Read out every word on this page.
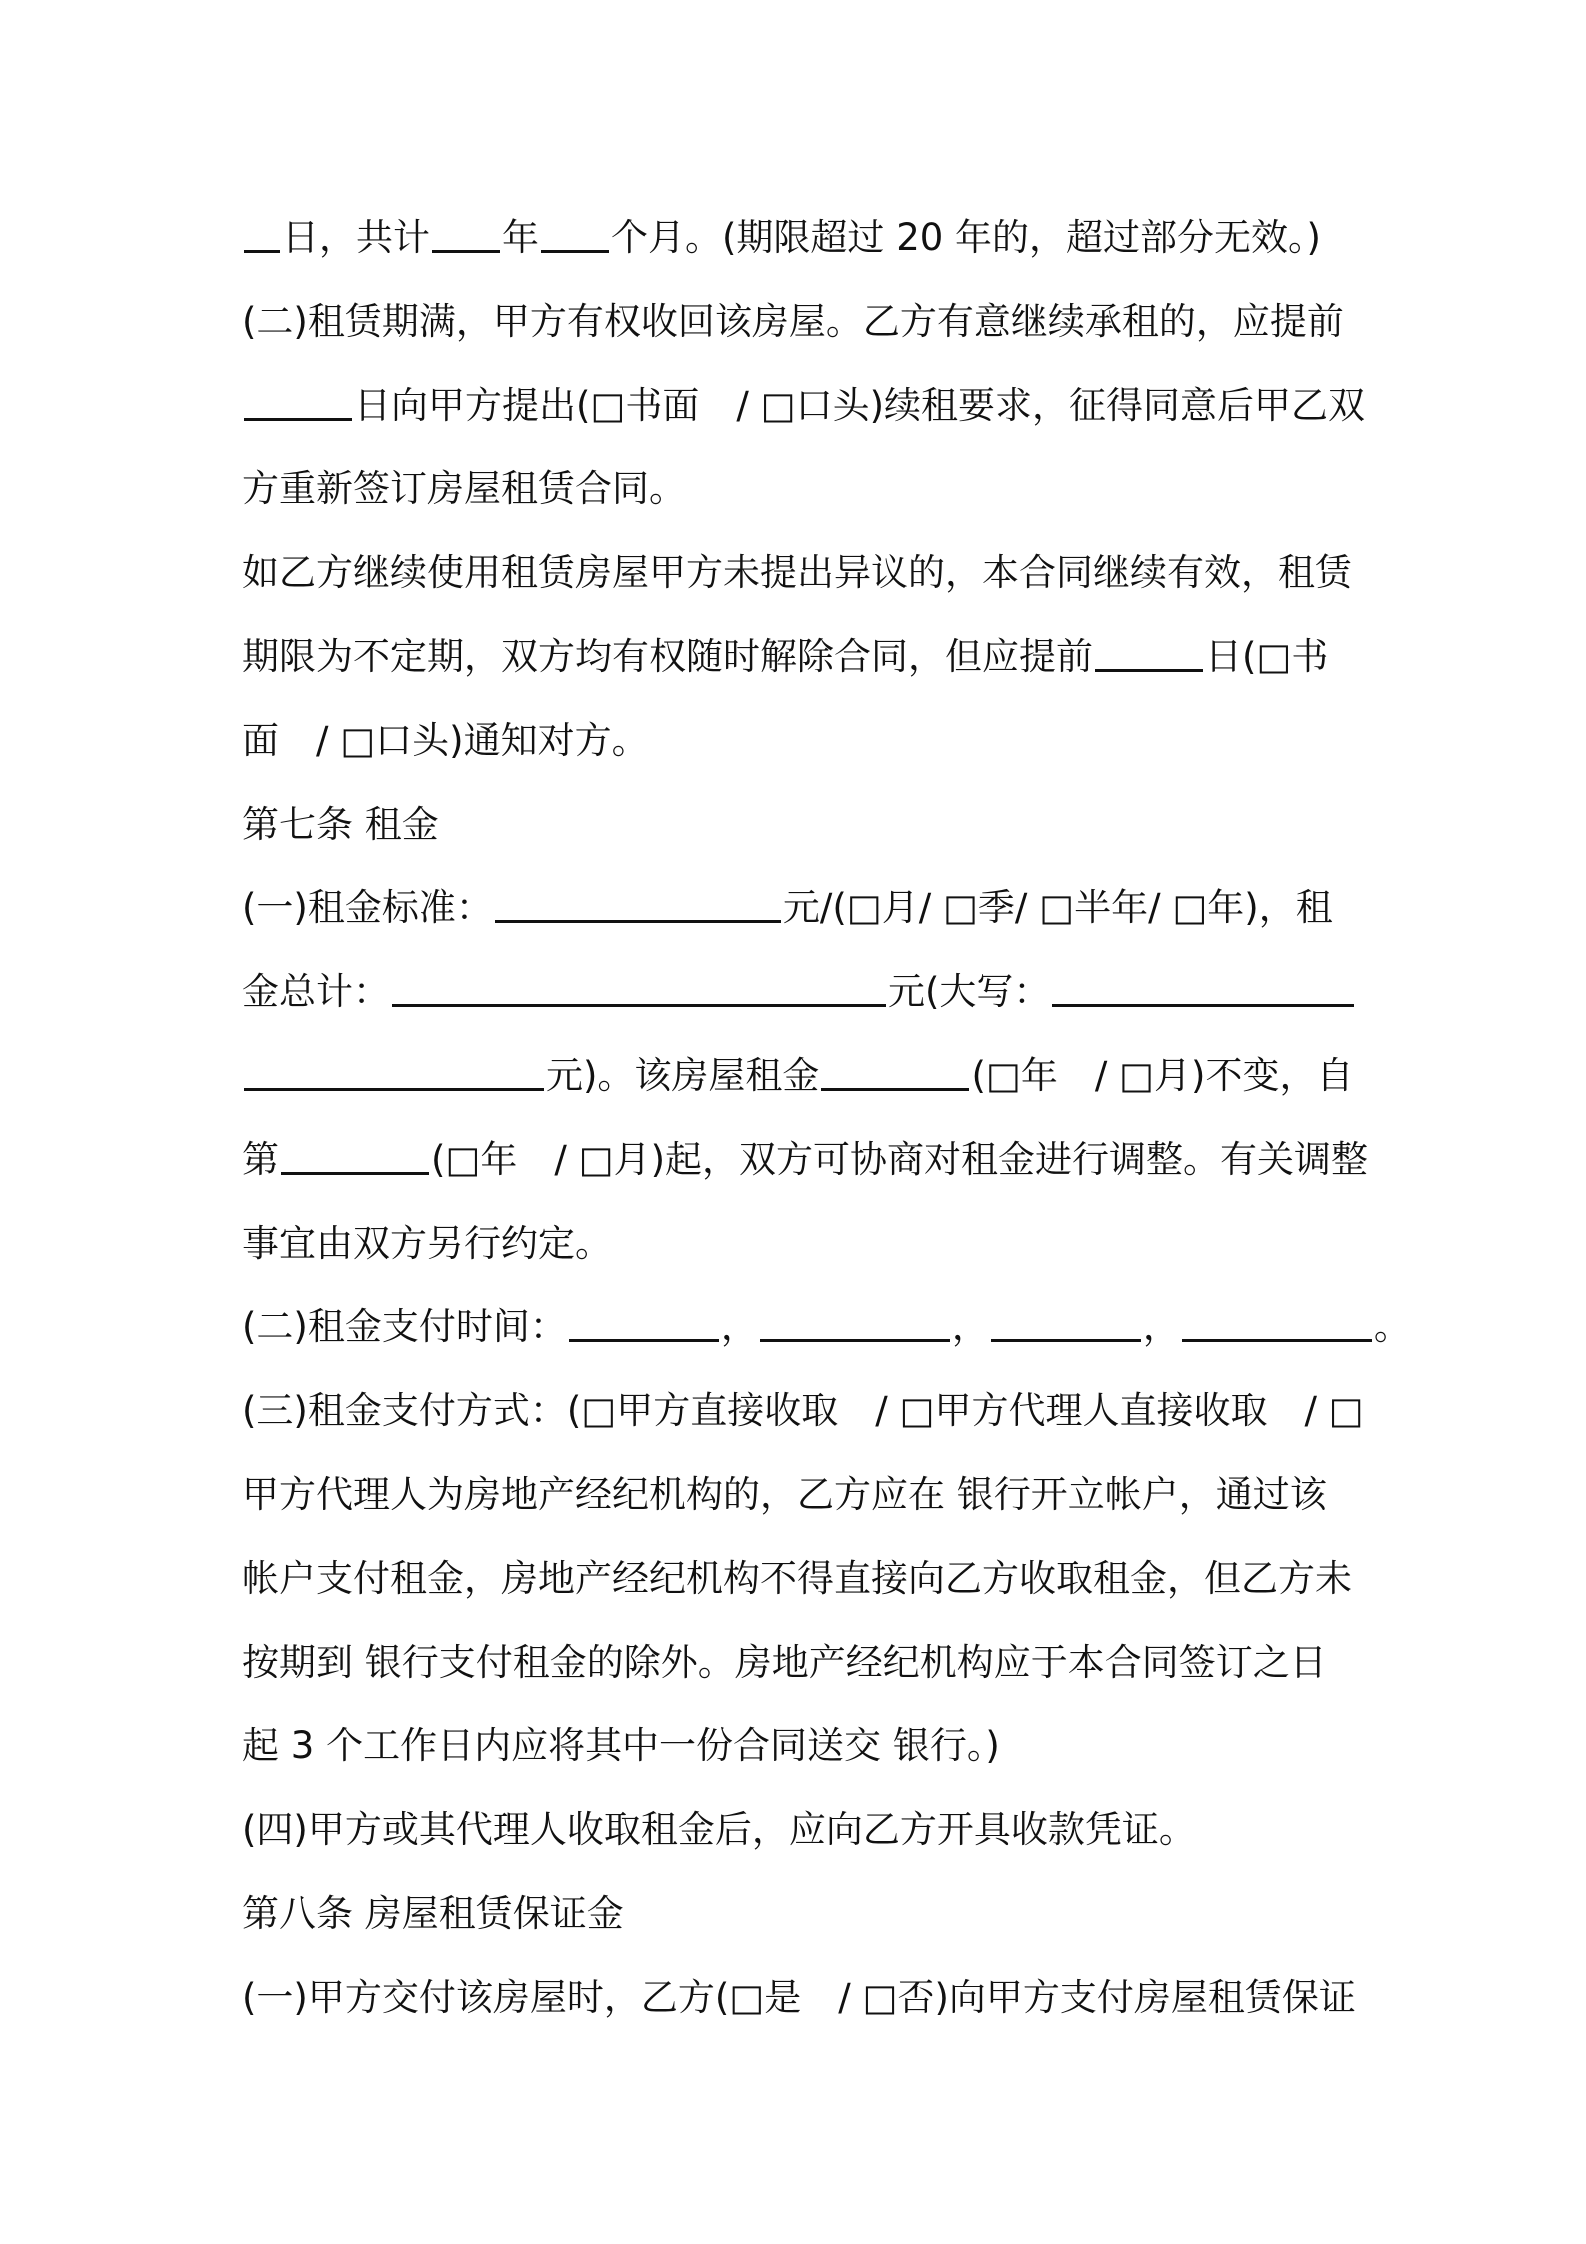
日，共计 年 个月。(期限超过 20 年的，超过部分无效。)
(二)租赁期满，甲方有权收回该房屋。乙方有意继续承租的，应提前
日向甲方提出(□书面　/ □口头)续租要求，征得同意后甲乙双
方重新签订房屋租赁合同。
如乙方继续使用租赁房屋甲方未提出异议的，本合同继续有效，租赁
期限为不定期，双方均有权随时解除合同，但应提前	日(□书
面　/ □口头)通知对方。
第七条 租金
(一)租金标准：	元/(□月/ □季/ □半年/ □年)，租
金总计：	元(大写：
元)。该房屋租金	(□年　/ □月)不变，自
第	(□年　/ □月)起，双方可协商对租金进行调整。有关调整
事宜由双方另行约定。
(二)租金支付时间：	，	，	，	。
(三)租金支付方式：(□甲方直接收取　/ □甲方代理人直接收取　/ □
甲方代理人为房地产经纪机构的，乙方应在 银行开立帐户，通过该
帐户支付租金，房地产经纪机构不得直接向乙方收取租金，但乙方未
按期到 银行支付租金的除外。房地产经纪机构应于本合同签订之日
起 3 个工作日内应将其中一份合同送交 银行。)
(四)甲方或其代理人收取租金后，应向乙方开具收款凭证。
第八条 房屋租赁保证金
(一)甲方交付该房屋时，乙方(□是　/ □否)向甲方支付房屋租赁保证
